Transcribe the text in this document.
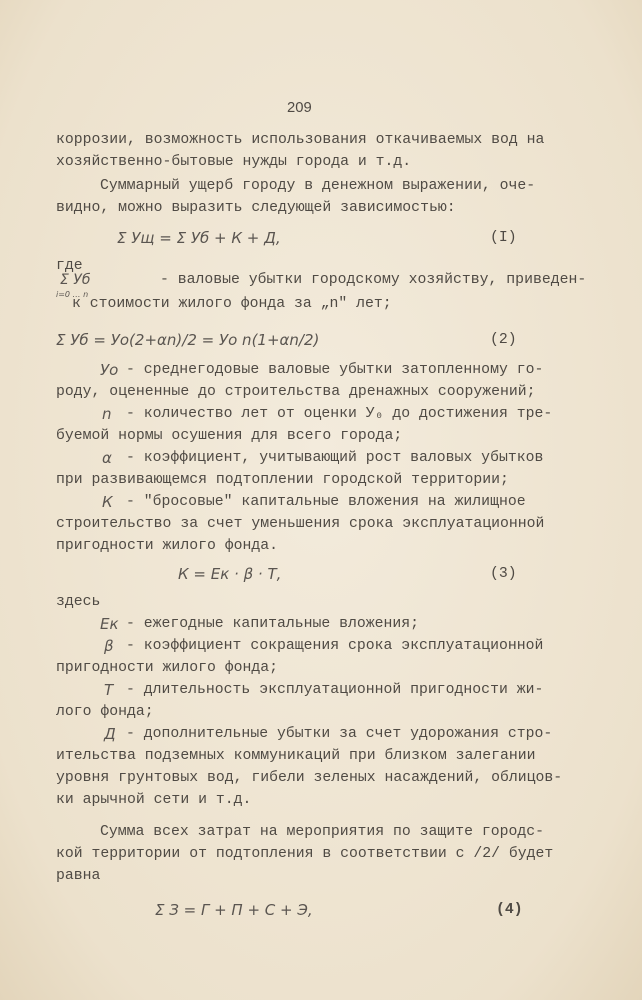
209
коррозии, возможность использования откачиваемых вод на
хозяйственно-бытовые нужды города и т.д.
Суммарный ущерб городу в денежном выражении, оче-
видно, можно выразить следующей зависимостью:
Σ Ущ = Σ Уб + К + Д,	(I)
где
Σ Уб	- валовые убытки городскому хозяйству, приведен-
i=0 … n
к стоимости жилого фонда за „n" лет;
Σ Уб = Уо(2+αn)/2 = Уо n(1+αn/2)	(2)
Уо - среднегодовые валовые убытки затопленному го-
роду, оцененные до строительства дренажных сооружений;
n - количество лет от оценки У₀ до достижения тре-
буемой нормы осушения для всего города;
α - коэффициент, учитывающий рост валовых убытков
при развивающемся подтоплении городской территории;
К - "бросовые" капитальные вложения на жилищное
строительство за счет уменьшения срока эксплуатационной
пригодности жилого фонда.
К = Ек · β · Т,	(3)
здесь
Ек - ежегодные капитальные вложения;
β - коэффициент сокращения срока эксплуатационной
пригодности жилого фонда;
Т - длительность эксплуатационной пригодности жи-
лого фонда;
Д - дополнительные убытки за счет удорожания стро-
ительства подземных коммуникаций при близком залегании
уровня грунтовых вод, гибели зеленых насаждений, облицов-
ки арычной сети и т.д.
Сумма всех затрат на мероприятия по защите городс-
кой территории от подтопления в соответствии с /2/ будет
равна
Σ З = Г + П + С + Э,	(4)
